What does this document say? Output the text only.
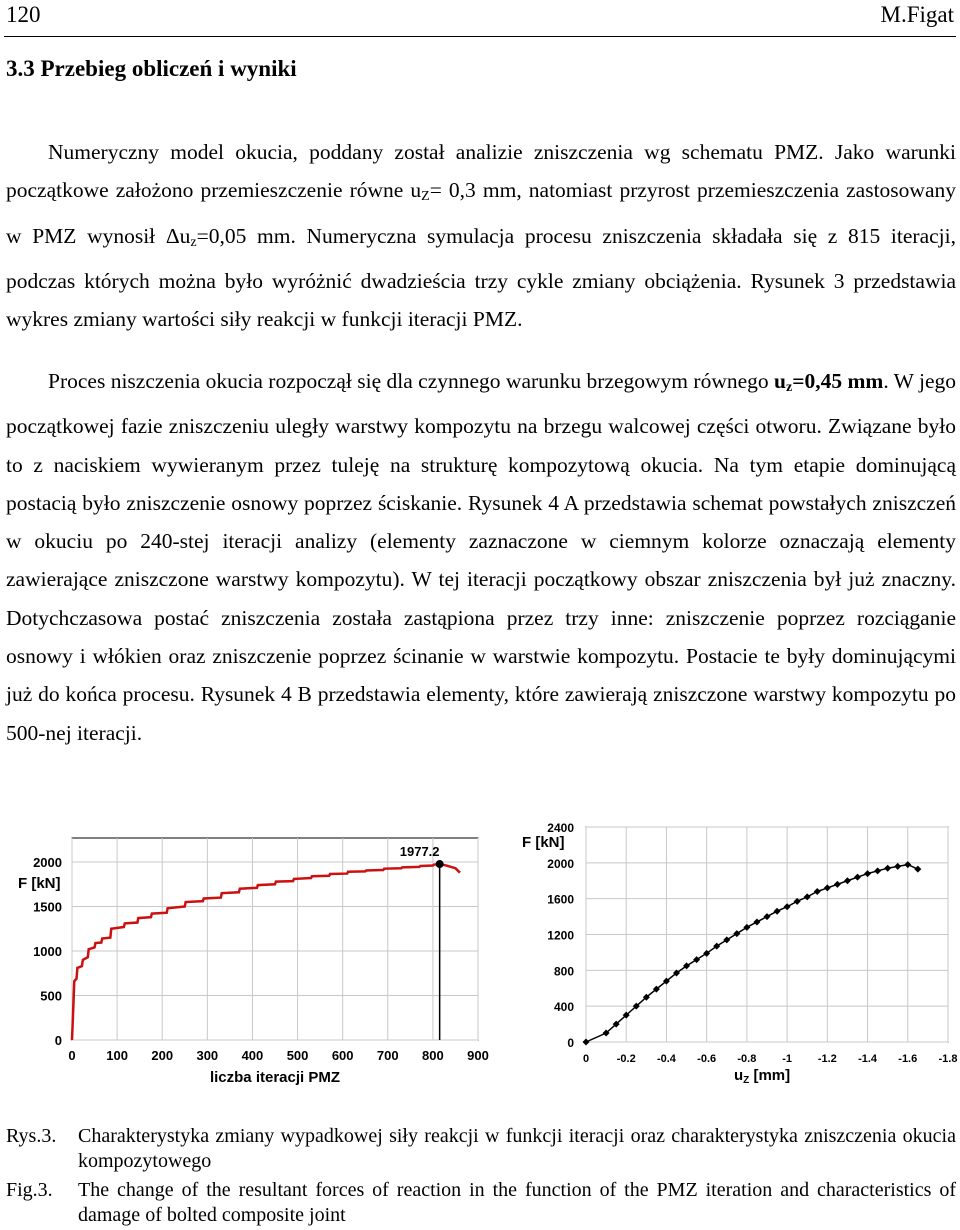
120	M.Figat
3.3 Przebieg obliczeń i wyniki

Numeryczny model okucia, poddany został analizie zniszczenia wg schematu PMZ. Jako warunki początkowe założono przemieszczenie równe $u_Z= 0,3$ mm, natomiast przyrost przemieszczenia zastosowany w PMZ wynosił $\Delta u_z=0,05$ mm. Numeryczna symulacja procesu zniszczenia składała się z 815 iteracji, podczas których można było wyróżnić dwadzieścia trzy cykle zmiany obciążenia. Rysunek 3 przedstawia wykres zmiany wartości siły reakcji w funkcji iteracji PMZ.

Proces niszczenia okucia rozpoczął się dla czynnego warunku brzegowym równego $u_z=0,45$ mm. W jego początkowej fazie zniszczeniu uległy warstwy kompozytu na brzegu walcowej części otworu. Związane było to z naciskiem wywieranym przez tuleję na strukturę kompozytową okucia. Na tym etapie dominującą postacią było zniszczenie osnowy poprzez ściskanie. Rysunek 4 A przedstawia schemat powstałych zniszczeń w okuciu po 240-stej iteracji analizy (elementy zaznaczone w ciemnym kolorze oznaczają elementy zawierające zniszczone warstwy kompozytu). W tej iteracji początkowy obszar zniszczenia był już znaczny. Dotychczasowa postać zniszczenia została zastąpiona przez trzy inne: zniszczenie poprzez rozciąganie osnowy i włókien oraz zniszczenie poprzez ścinanie w warstwie kompozytu. Postacie te były dominującymi już do końca procesu. Rysunek 4 B przedstawia elementy, które zawierają zniszczone warstwy kompozytu po 500-nej iteracji.

0 100 200 300 400 500 600 700 800 900
0
500
1000
1500
2000
1977.2
F [kN]
liczba iteracji PMZ
0	-0.2 -0.4 -0.6 -0.8 -1 -1.2 -1.4 -1.6 -1.8
0
400
800
1200
1600
2000
2400
F [kN]
$u_Z$ [mm]
Rys.3.	Charakterystyka zmiany wypadkowej siły reakcji w funkcji iteracji oraz charakterystyka zniszczenia okucia kompozytowego
Fig.3.	The change of the resultant forces of reaction in the function of the PMZ iteration and characteristics of damage of bolted composite joint
